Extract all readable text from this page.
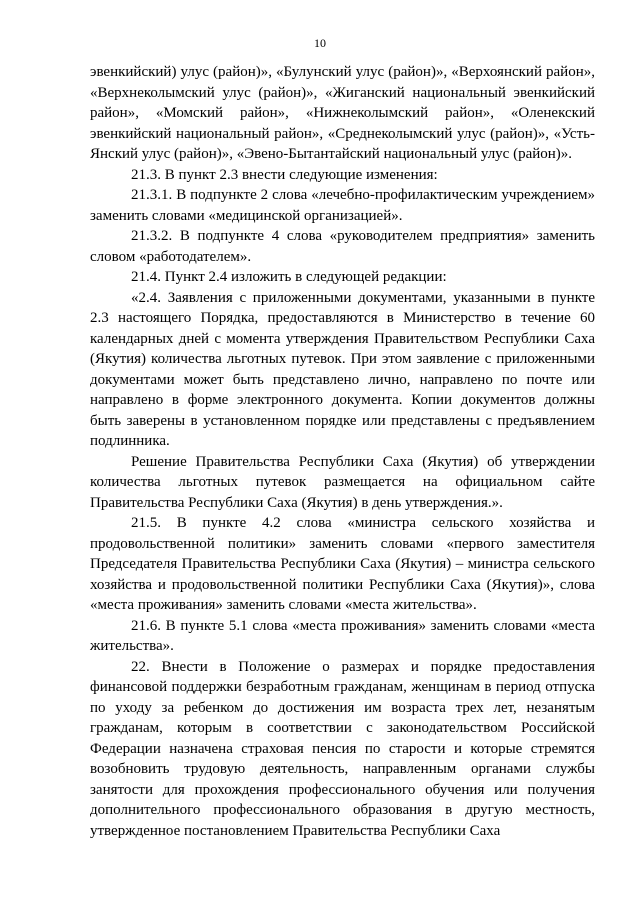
10

эвенкийский) улус (район)», «Булунский улус (район)», «Верхоянский район», «Верхнеколымский улус (район)», «Жиганский национальный эвенкийский район», «Момский район», «Нижнеколымский район», «Оленекский эвенкийский национальный район», «Среднеколымский улус (район)», «Усть-Янский улус (район)», «Эвено-Бытантайский национальный улус (район)».

21.3. В пункт 2.3 внести следующие изменения:

21.3.1. В подпункте 2 слова «лечебно-профилактическим учреждением» заменить словами «медицинской организацией».

21.3.2. В подпункте 4 слова «руководителем предприятия» заменить словом «работодателем».

21.4. Пункт 2.4 изложить в следующей редакции:

«2.4. Заявления с приложенными документами, указанными в пункте 2.3 настоящего Порядка, предоставляются в Министерство в течение 60 календарных дней с момента утверждения Правительством Республики Саха (Якутия) количества льготных путевок. При этом заявление с приложенными документами может быть представлено лично, направлено по почте или направлено в форме электронного документа. Копии документов должны быть заверены в установленном порядке или представлены с предъявлением подлинника.

Решение Правительства Республики Саха (Якутия) об утверждении количества льготных путевок размещается на официальном сайте Правительства Республики Саха (Якутия) в день утверждения.».

21.5. В пункте 4.2 слова «министра сельского хозяйства и продовольственной политики» заменить словами «первого заместителя Председателя Правительства Республики Саха (Якутия) – министра сельского хозяйства и продовольственной политики Республики Саха (Якутия)», слова «места проживания» заменить словами «места жительства».

21.6. В пункте 5.1 слова «места проживания» заменить словами «места жительства».

22. Внести в Положение о размерах и порядке предоставления финансовой поддержки безработным гражданам, женщинам в период отпуска по уходу за ребенком до достижения им возраста трех лет, незанятым гражданам, которым в соответствии с законодательством Российской Федерации назначена страховая пенсия по старости и которые стремятся возобновить трудовую деятельность, направленным органами службы занятости для прохождения профессионального обучения или получения дополнительного профессионального образования в другую местность, утвержденное постановлением Правительства Республики Саха
